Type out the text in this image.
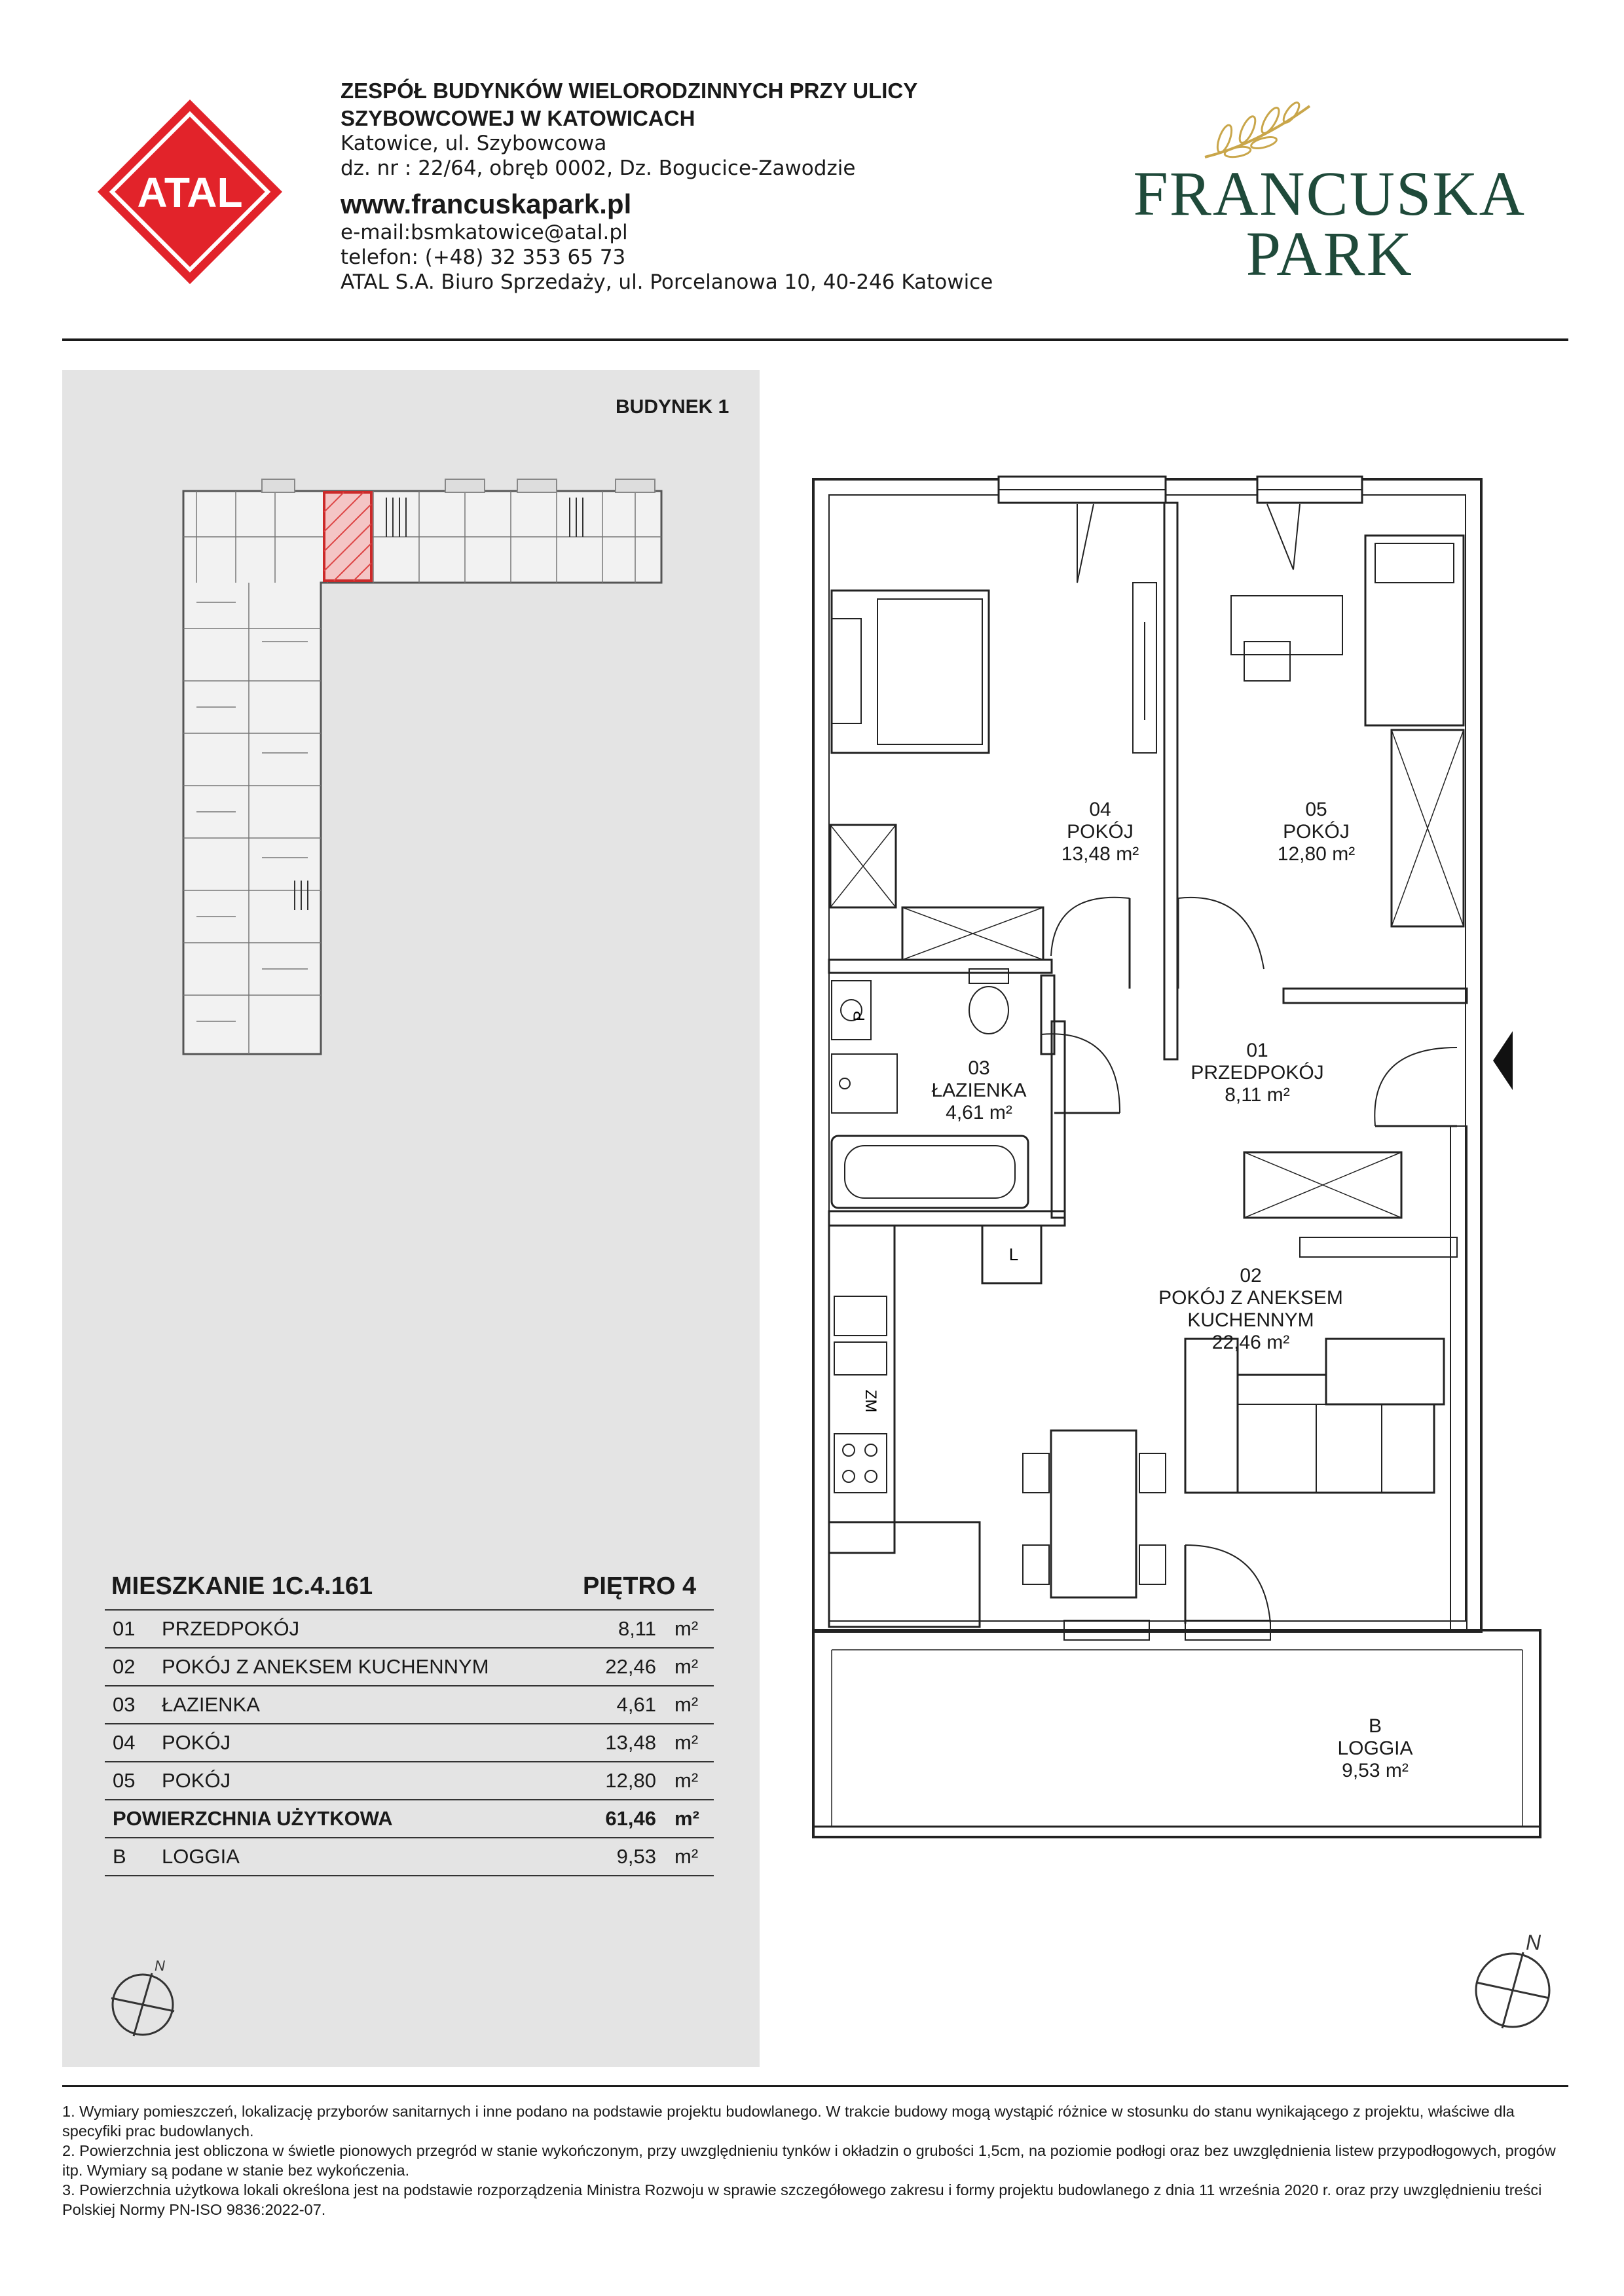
ATAL
ZESPÓŁ BUDYNKÓW WIELORODZINNYCH PRZY ULICY
SZYBOWCOWEJ W KATOWICACH
Katowice, ul. Szybowcowa
dz. nr : 22/64, obręb 0002, Dz. Bogucice-Zawodzie
www.francuskapark.pl
e-mail:bsmkatowice@atal.pl
telefon: (+48) 32 353 65 73
ATAL S.A. Biuro Sprzedaży, ul. Porcelanowa 10, 40-246 Katowice
FRANCUSKA
PARK
BUDYNEK 1
MIESZKANIE 1C.4.161	PIĘTRO 4
01	PRZEDPOKÓJ	8,11	m²
02	POKÓJ Z ANEKSEM KUCHENNYM	22,46	m²
03	ŁAZIENKA	4,61	m²
04	POKÓJ	13,48	m²
05	POKÓJ	12,80	m²
POWIERZCHNIA UŻYTKOWA		61,46	m²
B	LOGGIA	9,53	m²
N
L
ZM
P
04
POKÓJ
13,48 m²
05
POKÓJ
12,80 m²
03
ŁAZIENKA
4,61 m²
01
PRZEDPOKÓJ
8,11 m²
02
POKÓJ Z ANEKSEM
KUCHENNYM
22,46 m²
B
LOGGIA
9,53 m²
N
1. Wymiary pomieszczeń, lokalizację przyborów sanitarnych i inne podano na podstawie projektu budowlanego. W trakcie budowy mogą wystąpić różnice w stosunku do stanu wynikającego z projektu, właściwe dla specyfiki prac budowlanych.
2. Powierzchnia jest obliczona w świetle pionowych przegród w stanie wykończonym, przy uwzględnieniu tynków i okładzin o grubości 1,5cm, na poziomie podłogi oraz bez uwzględnienia listew przypodłogowych, progów itp. Wymiary są podane w stanie bez wykończenia.
3. Powierzchnia użytkowa lokali określona jest na podstawie rozporządzenia Ministra Rozwoju w sprawie szczegółowego zakresu i formy projektu budowlanego z dnia 11 września 2020 r. oraz przy uwzględnieniu treści Polskiej Normy PN-ISO 9836:2022-07.
